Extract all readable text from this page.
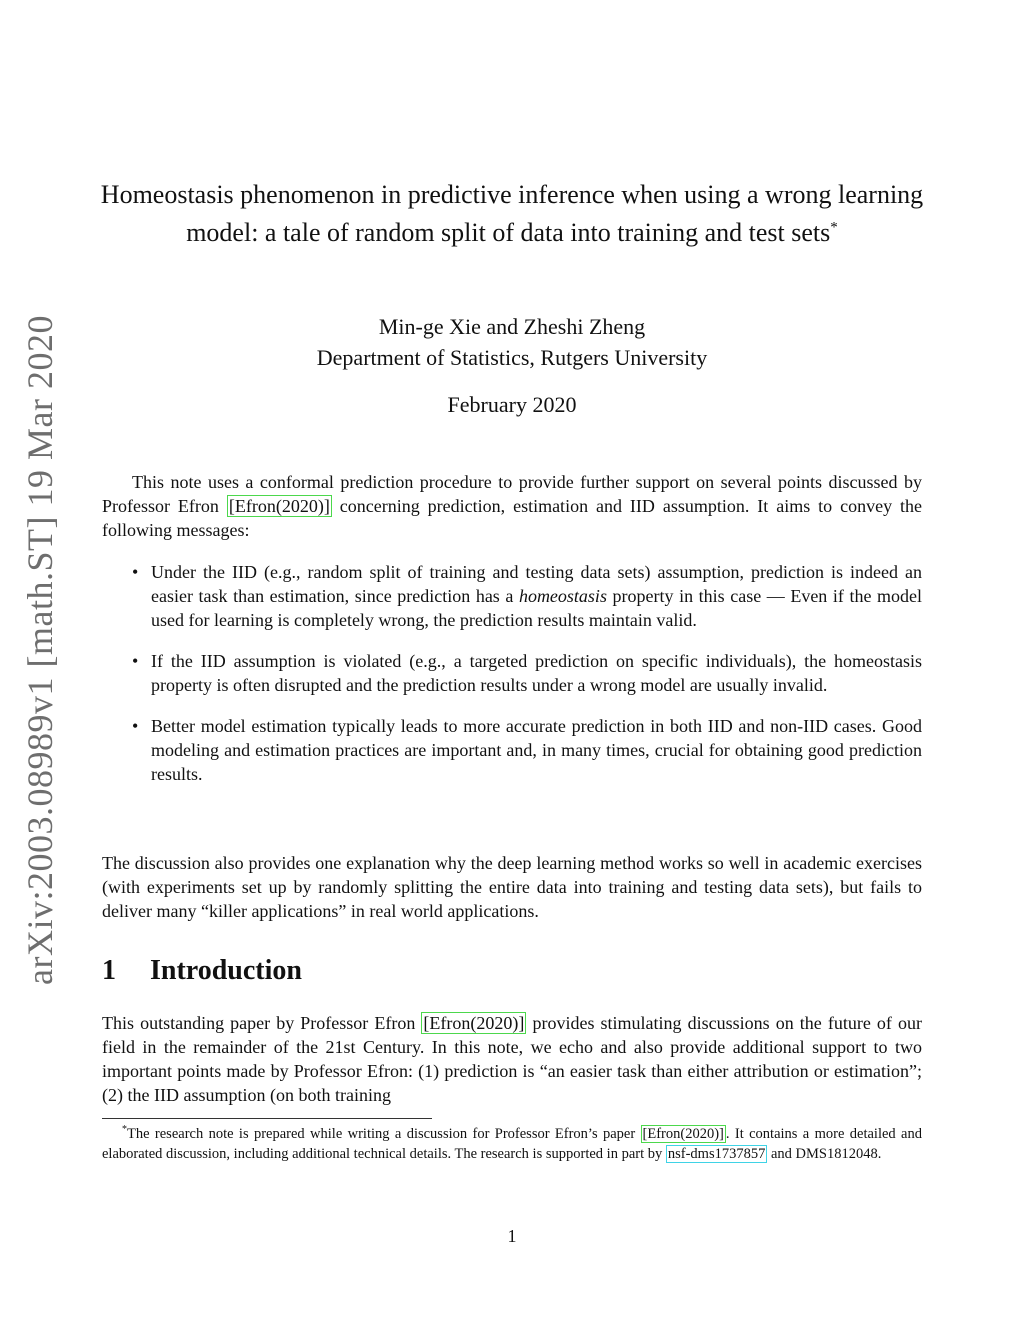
arXiv:2003.08989v1 [math.ST] 19 Mar 2020
Homeostasis phenomenon in predictive inference when using a wrong learning model: a tale of random split of data into training and test sets*
Min-ge Xie and Zheshi Zheng
Department of Statistics, Rutgers University
February 2020

This note uses a conformal prediction procedure to provide further support on several points discussed by Professor Efron [Efron(2020)] concerning prediction, estimation and IID assumption. It aims to convey the following messages:

• Under the IID (e.g., random split of training and testing data sets) assumption, prediction is indeed an easier task than estimation, since prediction has a homeostasis property in this case — Even if the model used for learning is completely wrong, the prediction results maintain valid.
• If the IID assumption is violated (e.g., a targeted prediction on specific individuals), the homeostasis property is often disrupted and the prediction results under a wrong model are usually invalid.
• Better model estimation typically leads to more accurate prediction in both IID and non-IID cases. Good modeling and estimation practices are important and, in many times, crucial for obtaining good prediction results.

The discussion also provides one explanation why the deep learning method works so well in academic exercises (with experiments set up by randomly splitting the entire data into training and testing data sets), but fails to deliver many “killer applications” in real world applications.

1 Introduction

This outstanding paper by Professor Efron [Efron(2020)] provides stimulating discussions on the future of our field in the remainder of the 21st Century. In this note, we echo and also provide additional support to two important points made by Professor Efron: (1) prediction is “an easier task than either attribution or estimation”; (2) the IID assumption (on both training

*The research note is prepared while writing a discussion for Professor Efron’s paper [Efron(2020)] . It contains a more detailed and elaborated discussion, including additional technical details. The research is supported in part by nsf-dms1737857 and DMS1812048.

1
